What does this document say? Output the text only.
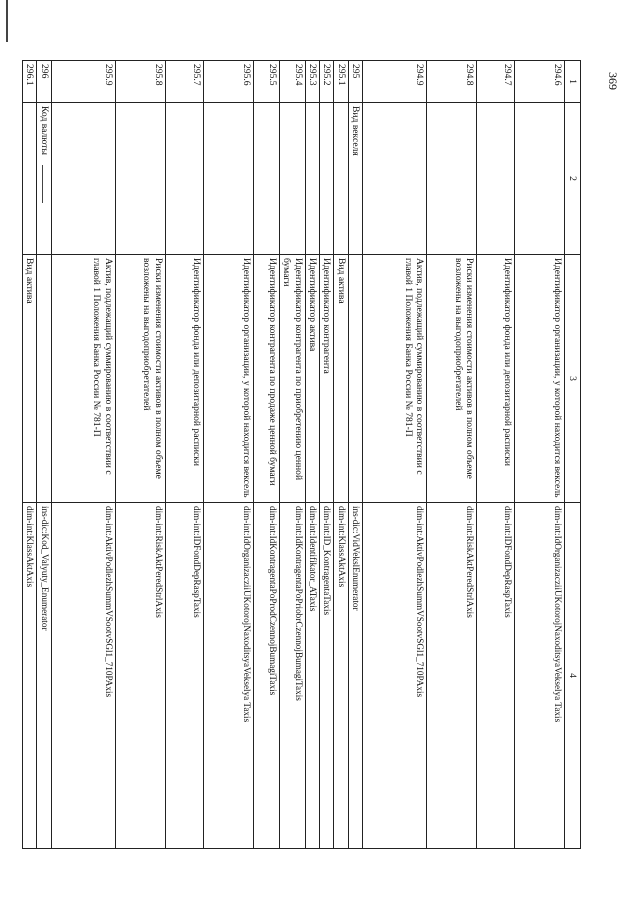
369
1	2	3	4
294.6		Идентификатор организации, у которой находится вексель	dim-int:IdOrganizacziiUKotorojNaxoditsyaVekselya Taxis
294.7		Идентификатор фонда или депозитарной расписки	dim-int:IDFondDepRaspTaxis
294.8		Риски изменения стоимости активов в полном объеме возложены на выгодоприобретателей	dim-int:RiskAktPeredStrlAxis
294.9		Актив, подлежащий суммированию в соответствии с главой 1 Положения Банка России № 781-П	dim-int:AktivPodlezhSummVSootvSGl1_710PAxis
295	Вид векселя		ins-dic:VidVekslEnumerator
295.1		Вид актива	dim-int:KlassAktAxis
295.2		Идентификатор контрагента	dim-int:ID_KontragentaTaxis
295.3		Идентификатор актива	dim-int:Identifikator_ATaxis
295.4		Идентификатор контрагента по приобретению ценной бумаги	dim-int:IdKontragentaPoPriobrCzennojBumagiTaxis
295.5		Идентификатор контрагента по продаже ценной бумаги	dim-int:IdKontragentaPoProdCzennojBumagiTaxis
295.6		Идентификатор организации, у которой находится вексель	dim-int:IdOrganizacziiUKotorojNaxoditsyaVekselya Taxis
295.7		Идентификатор фонда или депозитарной расписки	dim-int:IDFondDepRaspTaxis
295.8		Риски изменения стоимости активов в полном объеме возложены на выгодоприобретателей	dim-int:RiskAktPeredStrlAxis
295.9		Актив, подлежащий суммированию в соответствии с главой 1 Положения Банка России № 781-П	dim-int:AktivPodlezhSummVSootvSGl1_710PAxis
296	Код валюты		ins-dic:Kod_Valyuty_Enumerator
296.1		Вид актива	dim-int:KlassAktAxis
